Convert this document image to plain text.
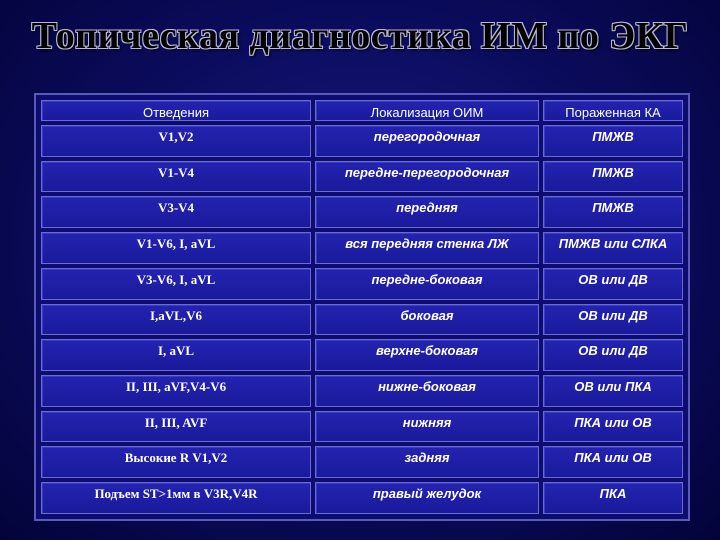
Топическая диагностика ИМ по ЭКГ
Отведения	Локализация ОИМ	Пораженная КА
V1,V2	перегородочная	ПМЖВ
V1-V4	передне-перегородочная	ПМЖВ
V3-V4	передняя	ПМЖВ
V1-V6, I, aVL	вся передняя стенка ЛЖ	ПМЖВ или СЛКА
V3-V6, I, aVL	передне-боковая	ОВ или ДВ
I,aVL,V6	боковая	ОВ или ДВ
I, aVL	верхне-боковая	ОВ или ДВ
II, III, aVF,V4-V6	нижне-боковая	ОВ или ПКА
II, III, AVF	нижняя	ПКА или ОВ
Высокие R V1,V2	задняя	ПКА или ОВ
Подъем ST>1мм в V3R,V4R	правый желудок	ПКА
